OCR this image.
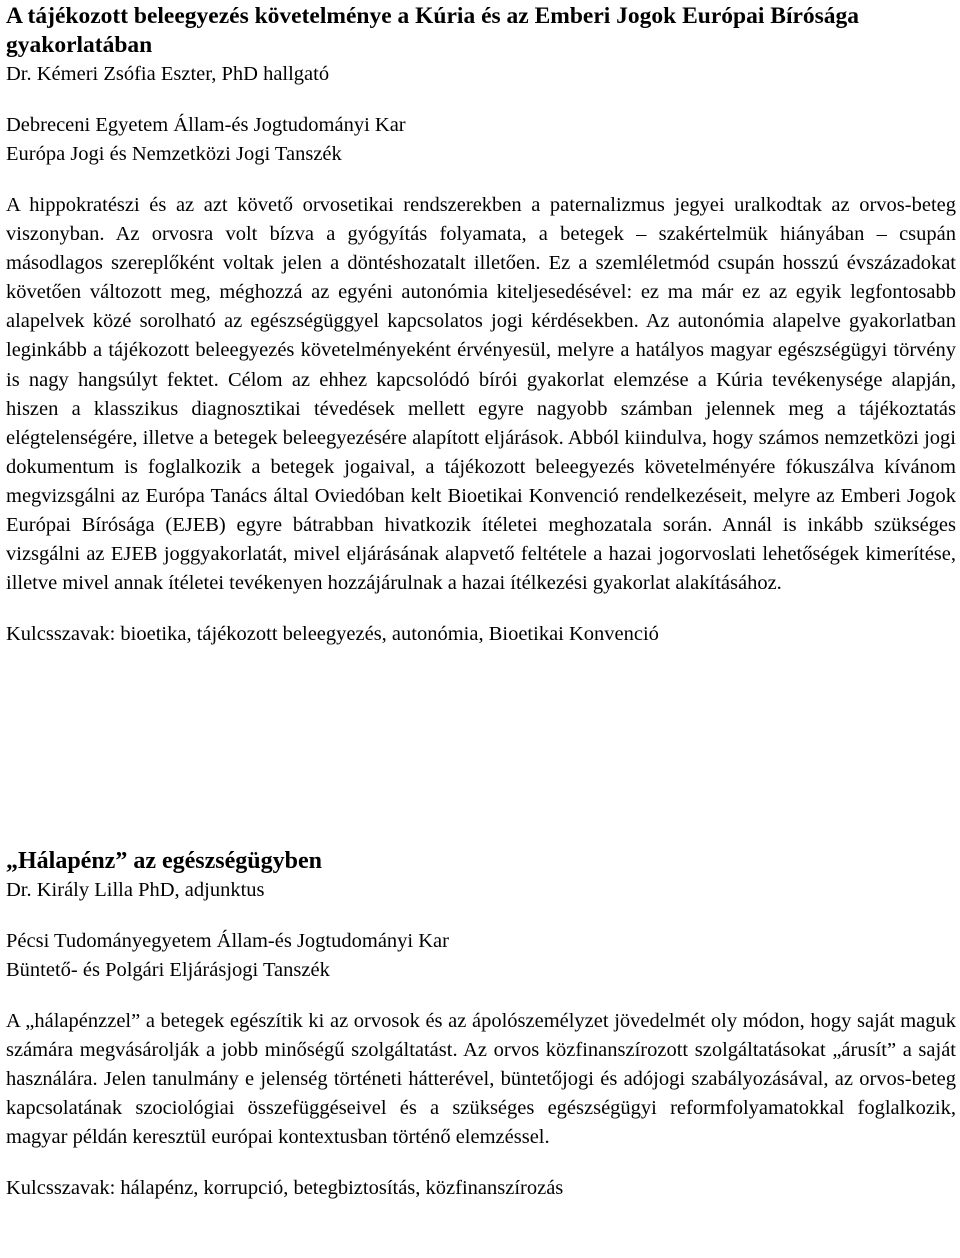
A tájékozott beleegyezés követelménye a Kúria és az Emberi Jogok Európai Bírósága gyakorlatában

Dr. Kémeri Zsófia Eszter, PhD hallgató

Debreceni Egyetem Állam-és Jogtudományi Kar

Európa Jogi és Nemzetközi Jogi Tanszék

A hippokratészi és az azt követő orvosetikai rendszerekben a paternalizmus jegyei uralkodtak az orvos-beteg viszonyban. Az orvosra volt bízva a gyógyítás folyamata, a betegek – szakértelmük hiányában – csupán másodlagos szereplőként voltak jelen a döntéshozatalt illetően. Ez a szemléletmód csupán hosszú évszázadokat követően változott meg, méghozzá az egyéni autonómia kiteljesedésével: ez ma már ez az egyik legfontosabb alapelvek közé sorolható az egészségüggyel kapcsolatos jogi kérdésekben. Az autonómia alapelve gyakorlatban leginkább a tájékozott beleegyezés követelményeként érvényesül, melyre a hatályos magyar egészségügyi törvény is nagy hangsúlyt fektet. Célom az ehhez kapcsolódó bírói gyakorlat elemzése a Kúria tevékenysége alapján, hiszen a klasszikus diagnosztikai tévedések mellett egyre nagyobb számban jelennek meg a tájékoztatás elégtelenségére, illetve a betegek beleegyezésére alapított eljárások. Abból kiindulva, hogy számos nemzetközi jogi dokumentum is foglalkozik a betegek jogaival, a tájékozott beleegyezés követelményére fókuszálva kívánom megvizsgálni az Európa Tanács által Oviedóban kelt Bioetikai Konvenció rendelkezéseit, melyre az Emberi Jogok Európai Bírósága (EJEB) egyre bátrabban hivatkozik ítéletei meghozatala során. Annál is inkább szükséges vizsgálni az EJEB joggyakorlatát, mivel eljárásának alapvető feltétele a hazai jogorvoslati lehetőségek kimerítése, illetve mivel annak ítéletei tevékenyen hozzájárulnak a hazai ítélkezési gyakorlat alakításához.

Kulcsszavak: bioetika, tájékozott beleegyezés, autonómia, Bioetikai Konvenció

„Hálapénz” az egészségügyben

Dr. Király Lilla PhD, adjunktus

Pécsi Tudományegyetem Állam-és Jogtudományi Kar

Büntető- és Polgári Eljárásjogi Tanszék

A „hálapénzzel” a betegek egészítik ki az orvosok és az ápolószemélyzet jövedelmét oly módon, hogy saját maguk számára megvásárolják a jobb minőségű szolgáltatást. Az orvos közfinanszírozott szolgáltatásokat „árusít” a saját használára. Jelen tanulmány e jelenség történeti hátterével, büntetőjogi és adójogi szabályozásával, az orvos-beteg kapcsolatának szociológiai összefüggéseivel és a szükséges egészségügyi reformfolyamatokkal foglalkozik, magyar példán keresztül európai kontextusban történő elemzéssel.

Kulcsszavak: hálapénz, korrupció, betegbiztosítás, közfinanszírozás
